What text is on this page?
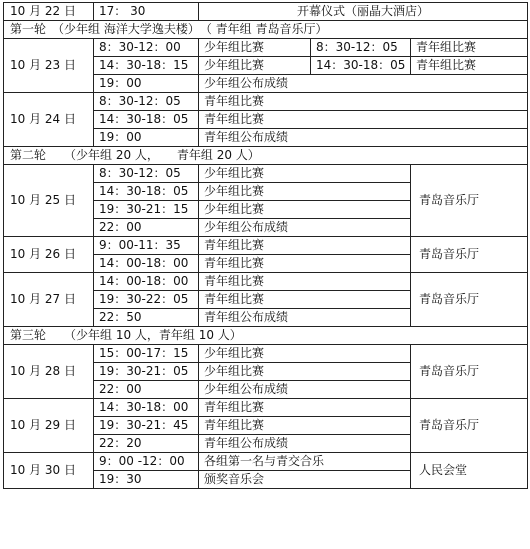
10 月 22 日	17： 30	开幕仪式（丽晶大酒店）		
第一轮　（少年组 海洋大学逸夫楼）　（ 青年组 青岛音乐厅）				
10 月 23 日	8：30-12：00	少年组比赛	8：30-12：05	青年组比赛
	14：30-18：15	少年组比赛	14：30-18：05	青年组比赛
	19：00	少年组公布成绩		
10 月 24 日	8：30-12：05	青年组比赛		
	14：30-18：05	青年组比赛		
	19：00	青年组公布成绩		
第二轮　　（少年组 20 人，　　青年组 20 人）				
10 月 25 日	8：30-12：05	少年组比赛		青岛音乐厅
	14：30-18：05	少年组比赛		
	19：30-21：15	少年组比赛		
	22：00	少年组公布成绩		
10 月 26 日	9：00-11：35	青年组比赛		青岛音乐厅
	14：00-18：00	青年组比赛		
10 月 27 日	14：00-18：00	青年组比赛		青岛音乐厅
	19：30-22：05	青年组比赛		
	22：50	青年组公布成绩		
第三轮　　（少年组 10 人，青年组 10 人）				
10 月 28 日	15：00-17：15	少年组比赛		青岛音乐厅
	19：30-21：05	少年组比赛		
	22：00	少年组公布成绩		
10 月 29 日	14：30-18：00	青年组比赛		青岛音乐厅
	19：30-21：45	青年组比赛		
	22：20	青年组公布成绩		
10 月 30 日	9：00 -12：00	各组第一名与青交合乐		人民会堂
	19：30	颁奖音乐会		
